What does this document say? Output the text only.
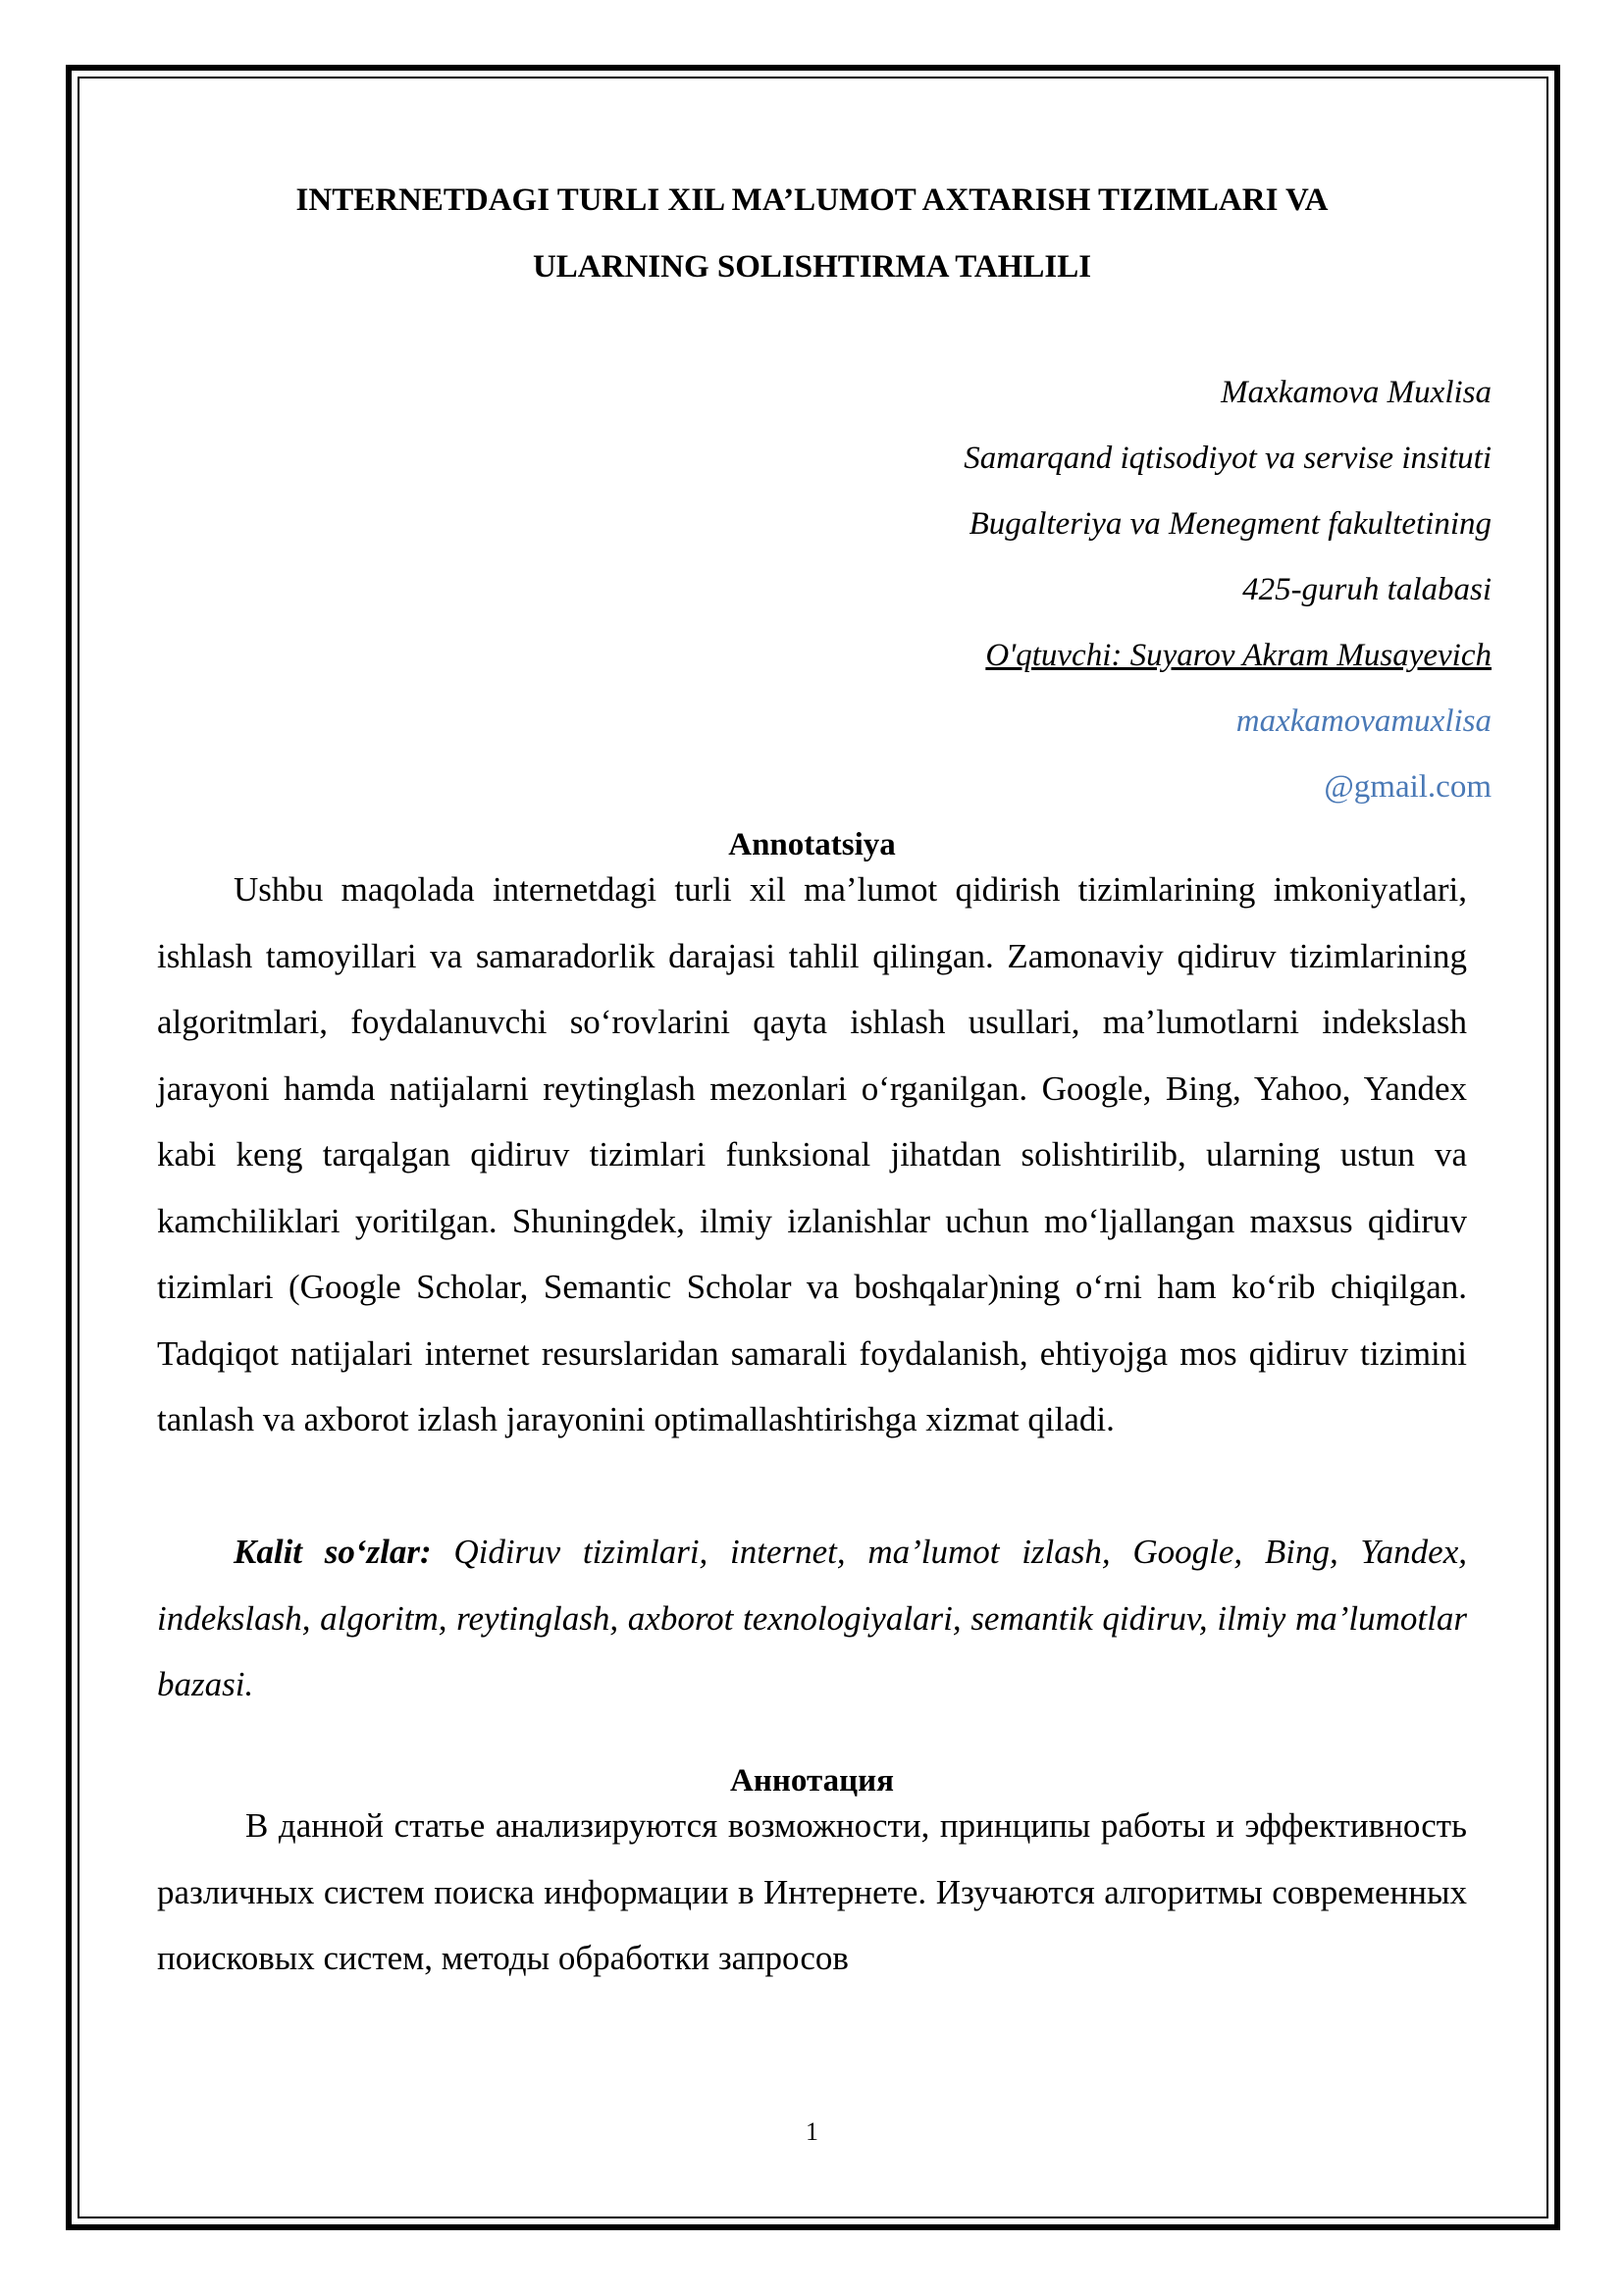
INTERNETDAGI TURLI XIL MA’LUMOT AXTARISH TIZIMLARI VA
ULARNING SOLISHTIRMA TAHLILI
Maxkamova Muxlisa
Samarqand iqtisodiyot va servise insituti
Bugalteriya va Menegment fakultetining
425-guruh talabasi
O'qtuvchi: Suyarov Akram Musayevich
maxkamovamuxlisa
@gmail.com
Annotatsiya

Ushbu maqolada internetdagi turli xil ma’lumot qidirish tizimlarining imkoniyatlari, ishlash tamoyillari va samaradorlik darajasi tahlil qilingan. Zamonaviy qidiruv tizimlarining algoritmlari, foydalanuvchi so‘rovlarini qayta ishlash usullari, ma’lumotlarni indekslash jarayoni hamda natijalarni reytinglash mezonlari o‘rganilgan. Google, Bing, Yahoo, Yandex kabi keng tarqalgan qidiruv tizimlari funksional jihatdan solishtirilib, ularning ustun va kamchiliklari yoritilgan. Shuningdek, ilmiy izlanishlar uchun mo‘ljallangan maxsus qidiruv tizimlari (Google Scholar, Semantic Scholar va boshqalar)ning o‘rni ham ko‘rib chiqilgan. Tadqiqot natijalari internet resurslaridan samarali foydalanish, ehtiyojga mos qidiruv tizimini tanlash va axborot izlash jarayonini optimallashtirishga xizmat qiladi.

Kalit so‘zlar: Qidiruv tizimlari, internet, ma’lumot izlash, Google, Bing, Yandex, indekslash, algoritm, reytinglash, axborot texnologiyalari, semantik qidiruv, ilmiy ma’lumotlar bazasi.

Аннотация

В данной статье анализируются возможности, принципы работы и эффективность различных систем поиска информации в Интернете. Изучаются алгоритмы современных поисковых систем, методы обработки запросов

1
